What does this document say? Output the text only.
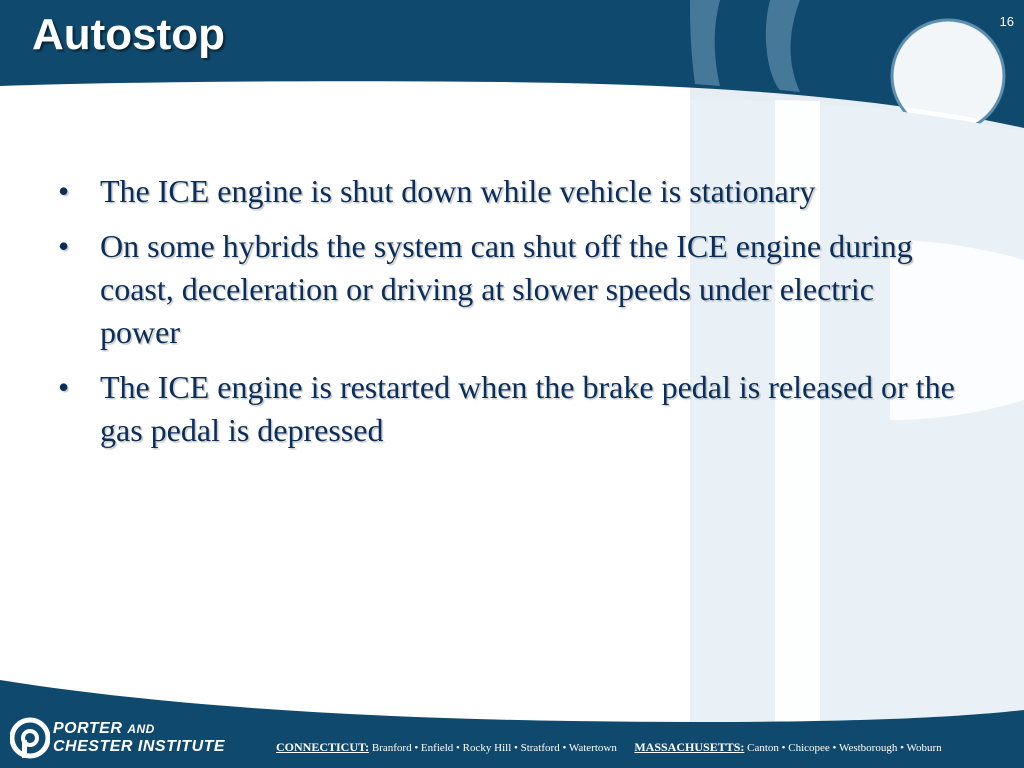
Autostop	16
• The ICE engine is shut down while vehicle is stationary
• On some hybrids the system can shut off the ICE engine during coast, deceleration or driving at slower speeds under electric power
• The ICE engine is restarted when the brake pedal is released or the gas pedal is depressed
PORTER AND
CHESTER INSTITUTE	CONNECTICUT: Branford • Enfield • Rocky Hill • Stratford • Watertown MASSACHUSETTS: Canton • Chicopee • Westborough • Woburn
